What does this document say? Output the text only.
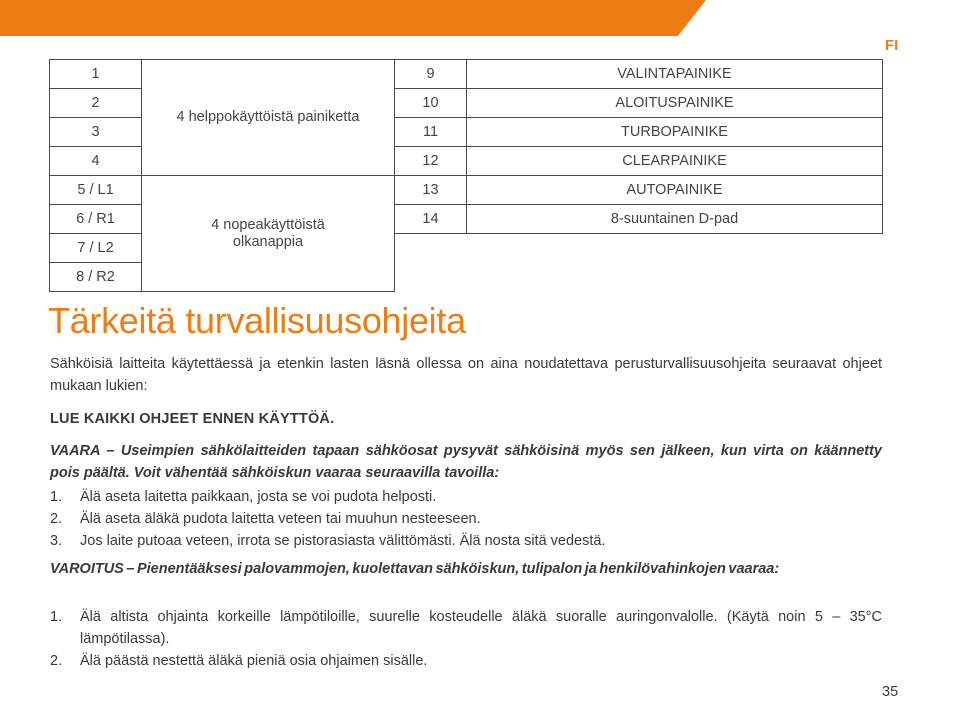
FI
1	4 helppokäyttöistä painiketta	9	VALINTAPAINIKE
2		10	ALOITUSPAINIKE
3		11	TURBOPAINIKE
4		12	CLEARPAINIKE
5 / L1	4 nopeakäyttöistä olkanappia	13	AUTOPAINIKE
6 / R1		14	8-suuntainen D-pad
7 / L2			
8 / R2			
Tärkeitä turvallisuusohjeita

Sähköisiä laitteita käytettäessä ja etenkin lasten läsnä ollessa on aina noudatettava perusturvallisuusohjeita seuraavat ohjeet mukaan lukien:

LUE KAIKKI OHJEET ENNEN KÄYTTÖÄ.

VAARA – Useimpien sähkölaitteiden tapaan sähköosat pysyvät sähköisinä myös sen jälkeen, kun virta on käännetty pois päältä. Voit vähentää sähköiskun vaaraa seuraavilla tavoilla:

1. Älä aseta laitetta paikkaan, josta se voi pudota helposti.
2. Älä aseta äläkä pudota laitetta veteen tai muuhun nesteeseen.
3. Jos laite putoaa veteen, irrota se pistorasiasta välittömästi. Älä nosta sitä vedestä.

VAROITUS – Pienentääksesi palovammojen, kuolettavan sähköiskun, tulipalon ja henkilövahinkojen vaaraa:

1. Älä altista ohjainta korkeille lämpötiloille, suurelle kosteudelle äläkä suoralle auringonvalolle. (Käytä noin 5 – 35°C lämpötilassa).
2. Älä päästä nestettä äläkä pieniä osia ohjaimen sisälle.
35
